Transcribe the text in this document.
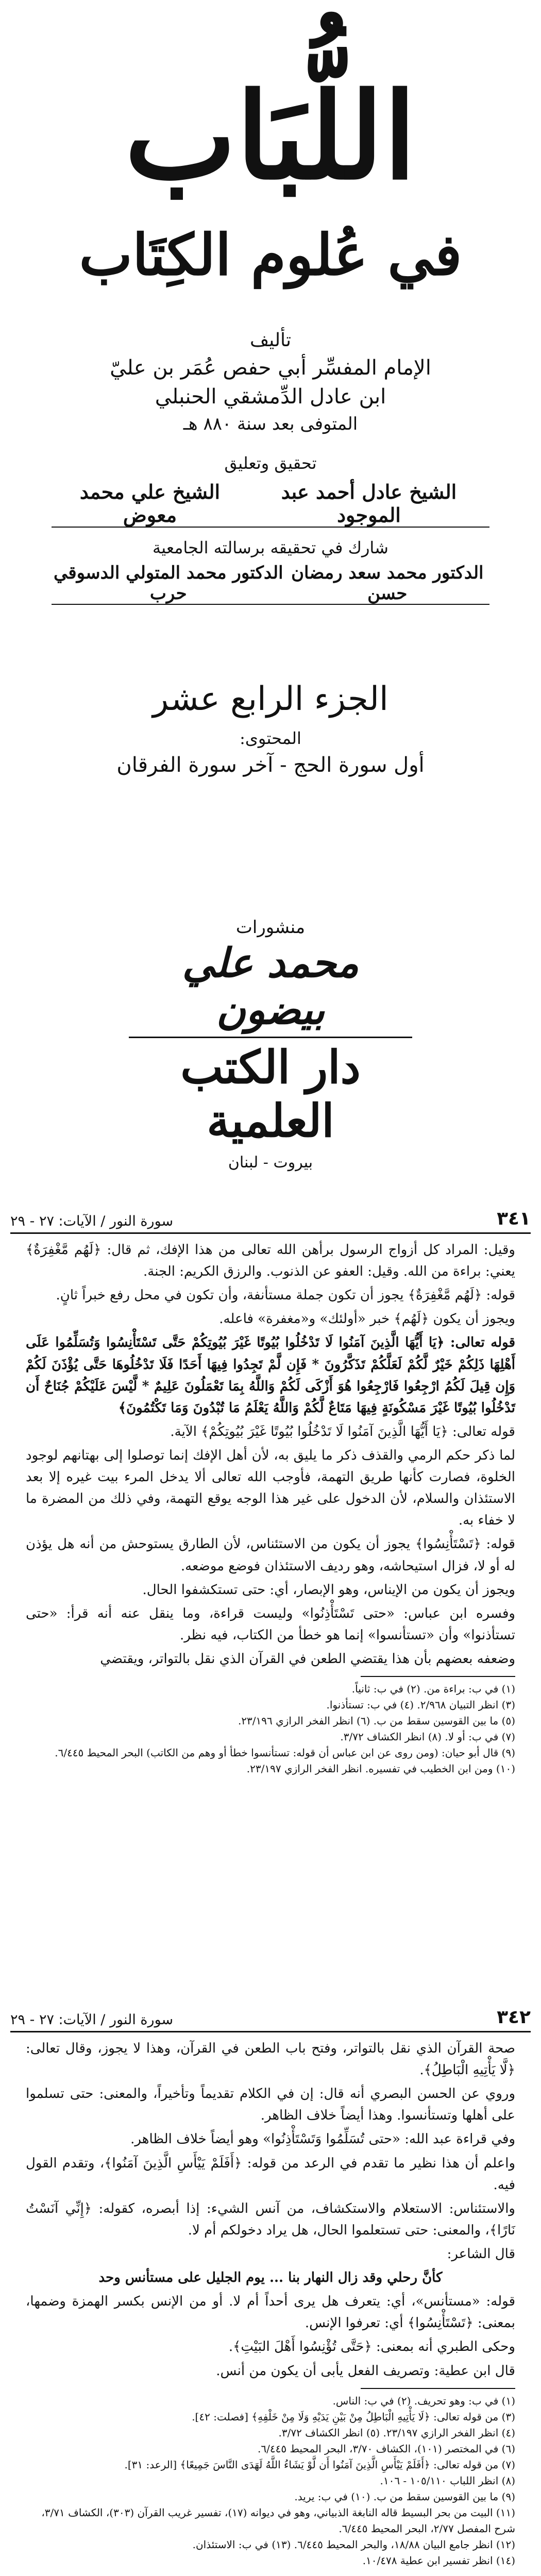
اللُّبَاب
في عُلوم الكِتَاب
تأليف
الإمام المفسِّر أبي حفص عُمَر بن عليّ
ابن عادل الدِّمشقي الحنبلي
المتوفى بعد سنة ٨٨٠ هـ
تحقيق وتعليق
الشيخ عادل أحمد عبد الموجود
الشيخ علي محمد معوض
شارك في تحقيقه برسالته الجامعية
الدكتور محمد سعد رمضان حسن
الدكتور محمد المتولي الدسوقي حرب
الجزء الرابع عشر
المحتوى:
أول سورة الحج - آخر سورة الفرقان
منشورات
محمد علي بيضون
دار الكتب العلمية
بيروت - لبنان
٣٤١
سورة النور / الآيات: ٢٧ - ٢٩

وقيل: المراد كل أزواج الرسول برأهن الله تعالى من هذا الإفك، ثم قال: ﴿لَهُم مَّغْفِرَةٌ﴾ يعني: براءة من الله. وقيل: العفو عن الذنوب. والرزق الكريم: الجنة.

قوله: ﴿لَهُم مَّغْفِرَةٌ﴾ يجوز أن تكون جملة مستأنفة، وأن تكون في محل رفع خبراً ثانٍ.

ويجوز أن يكون ﴿لَهُم﴾ خبر «أولئك» و«مغفرة» فاعله.

قوله تعالى: ﴿يَا أَيُّهَا الَّذِينَ آمَنُوا لَا تَدْخُلُوا بُيُوتًا غَيْرَ بُيُوتِكُمْ حَتَّى تَسْتَأْنِسُوا وَتُسَلِّمُوا عَلَى أَهْلِهَا ذَلِكُمْ خَيْرٌ لَّكُمْ لَعَلَّكُمْ تَذَكَّرُونَ * فَإِن لَّمْ تَجِدُوا فِيهَا أَحَدًا فَلَا تَدْخُلُوهَا حَتَّى يُؤْذَنَ لَكُمْ وَإِن قِيلَ لَكُمُ ارْجِعُوا فَارْجِعُوا هُوَ أَزْكَى لَكُمْ وَاللَّهُ بِمَا تَعْمَلُونَ عَلِيمٌ * لَّيْسَ عَلَيْكُمْ جُنَاحٌ أَن تَدْخُلُوا بُيُوتًا غَيْرَ مَسْكُونَةٍ فِيهَا مَتَاعٌ لَّكُمْ وَاللَّهُ يَعْلَمُ مَا تُبْدُونَ وَمَا تَكْتُمُونَ﴾

قوله تعالى: ﴿يَا أَيُّهَا الَّذِينَ آمَنُوا لَا تَدْخُلُوا بُيُوتًا غَيْرَ بُيُوتِكُمْ﴾ الآية.

لما ذكر حكم الرمي والقذف ذكر ما يليق به، لأن أهل الإفك إنما توصلوا إلى بهتانهم لوجود الخلوة، فصارت كأنها طريق التهمة، فأوجب الله تعالى ألا يدخل المرء بيت غيره إلا بعد الاستئذان والسلام، لأن الدخول على غير هذا الوجه يوقع التهمة، وفي ذلك من المضرة ما لا خفاء به.

قوله: ﴿تَسْتَأْنِسُوا﴾ يجوز أن يكون من الاستئناس، لأن الطارق يستوحش من أنه هل يؤذن له أو لا، فزال استيحاشه، وهو رديف الاستئذان فوضع موضعه.

ويجوز أن يكون من الإيناس، وهو الإبصار، أي: حتى تستكشفوا الحال.

وفسره ابن عباس: «حتى تَسْتَأْذِنُوا» وليست قراءة، وما ينقل عنه أنه قرأ: «حتى تستأذنوا» وأن «تستأنسوا» إنما هو خطأ من الكتاب، فيه نظر.

وضعفه بعضهم بأن هذا يقتضي الطعن في القرآن الذي نقل بالتواتر، ويقتضي

(١) في ب: براءة من. (٢) في ب: ثانياً.

(٣) انظر التبيان ٢/٩٦٨. (٤) في ب: تستأذنوا.

(٥) ما بين القوسين سقط من ب. (٦) انظر الفخر الرازي ٢٣/١٩٦.

(٧) في ب: أو لا. (٨) انظر الكشاف ٣/٧٢.

(٩) قال أبو حيان: (ومن روى عن ابن عباس أن قوله: تستأنسوا خطأ أو وهم من الكاتب) البحر المحيط ٦/٤٤٥.

(١٠) ومن ابن الخطيب في تفسيره. انظر الفخر الرازي ٢٣/١٩٧.

٣٤٢
سورة النور / الآيات: ٢٧ - ٢٩

صحة القرآن الذي نقل بالتواتر، وفتح باب الطعن في القرآن، وهذا لا يجوز، وقال تعالى: ﴿لَّا يَأْتِيهِ الْبَاطِلُ﴾.

وروي عن الحسن البصري أنه قال: إن في الكلام تقديماً وتأخيراً، والمعنى: حتى تسلموا على أهلها وتستأنسوا. وهذا أيضاً خلاف الظاهر.

وفي قراءة عبد الله: «حتى تُسَلِّمُوا وَتَسْتَأْذِنُوا» وهو أيضاً خلاف الظاهر.

واعلم أن هذا نظير ما تقدم في الرعد من قوله: ﴿أَفَلَمْ يَيْأَسِ الَّذِينَ آمَنُوا﴾، وتقدم القول فيه.

والاستئناس: الاستعلام والاستكشاف، من آنس الشيء: إذا أبصره، كقوله: ﴿إِنِّي آنَسْتُ نَارًا﴾، والمعنى: حتى تستعلموا الحال، هل يراد دخولكم أم لا.

قال الشاعر:

كأنَّ رحلي وقد زال النهار بنا ... يوم الجليل على مستأنس وحد

قوله: «مستأنس»، أي: يتعرف هل يرى أحداً أم لا. أو من الإنس بكسر الهمزة وضمها، بمعنى: ﴿تَسْتَأْنِسُوا﴾ أي: تعرفوا الإنس.

وحكى الطبري أنه بمعنى: ﴿حَتَّى تُؤْنِسُوا أَهْلَ البَيْتِ﴾.

قال ابن عطية: وتصريف الفعل يأبى أن يكون من أنس.

(١) في ب: وهو تحريف. (٢) في ب: الناس.

(٣) من قوله تعالى: ﴿لَا يَأْتِيهِ الْبَاطِلُ مِنْ بَيْنِ يَدَيْهِ وَلَا مِنْ خَلْفِهِ﴾ [فصلت: ٤٢].

(٤) انظر الفخر الرازي ٢٣/١٩٧. (٥) انظر الكشاف ٣/٧٢.

(٦) في المختصر (١٠١)، الكشاف ٣/٧٠، البحر المحيط ٦/٤٤٥.

(٧) من قوله تعالى: ﴿أَفَلَمْ يَيْأَسِ الَّذِينَ آمَنُوا أَن لَّوْ يَشَاءُ اللَّهُ لَهَدَى النَّاسَ جَمِيعًا﴾ [الرعد: ٣١].

(٨) انظر اللباب ١٠٥/١١٠ - ١٠٦.

(٩) ما بين القوسين سقط من ب. (١٠) في ب: يريد.

(١١) البيت من بحر البسيط قاله النابغة الذبياني، وهو في ديوانه (١٧)، تفسير غريب القرآن (٣٠٣)، الكشاف ٣/٧١، شرح المفصل ٢/٧٧، البحر المحيط ٦/٤٤٥.

(١٢) انظر جامع البيان ١٨/٨٨، والبحر المحيط ٦/٤٤٥. (١٣) في ب: الاستئذان.

(١٤) انظر تفسير ابن عطية ١٠/٤٧٨.
